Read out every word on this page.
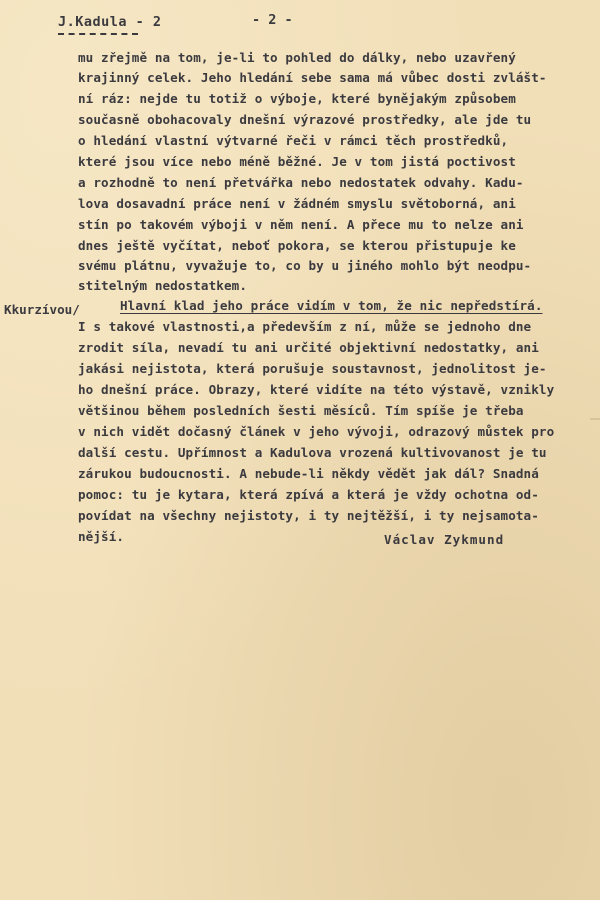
J.Kadula - 2	- 2 -
mu zřejmě na tom, je-li to pohled do dálky, nebo uzavřený
krajinný celek. Jeho hledání sebe sama má vůbec dosti zvlášt-
ní ráz: nejde tu totiž o výboje, které bynějakým způsobem
současně obohacovaly dnešní výrazové prostředky, ale jde tu
o hledání vlastní výtvarné řeči v rámci těch prostředků,
které jsou více nebo méně běžné. Je v tom jistá poctivost
a rozhodně to není přetvářka nebo nedostatek odvahy. Kadu-
lova dosavadní práce není v žádném smyslu světoborná, ani
stín po takovém výboji v něm není. A přece mu to nelze ani
dnes ještě vyčítat, neboť pokora, se kterou přistupuje ke
svému plátnu, vyvažuje to, co by u jiného mohlo být neodpu-
stitelným nedostatkem.
Kkurzívou/	Hlavní klad jeho práce vidím v tom, že nic nepředstírá.
I s takové vlastnosti,a především z ní, může se jednoho dne
zrodit síla, nevadí tu ani určité objektivní nedostatky, ani
jakási nejistota, která porušuje soustavnost, jednolitost je-
ho dnešní práce. Obrazy, které vidíte na této výstavě, vznikly
většinou během posledních šesti měsíců. Tím spíše je třeba
v nich vidět dočasný článek v jeho vývoji, odrazový můstek pro
další cestu. Upřímnost a Kadulova vrozená kultivovanost je tu
zárukou budoucnosti. A nebude-li někdy vědět jak dál? Snadná
pomoc: tu je kytara, která zpívá a která je vždy ochotna od-
povídat na všechny nejistoty, i ty nejtěžší, i ty nejsamota-
nější.	Václav Zykmund
